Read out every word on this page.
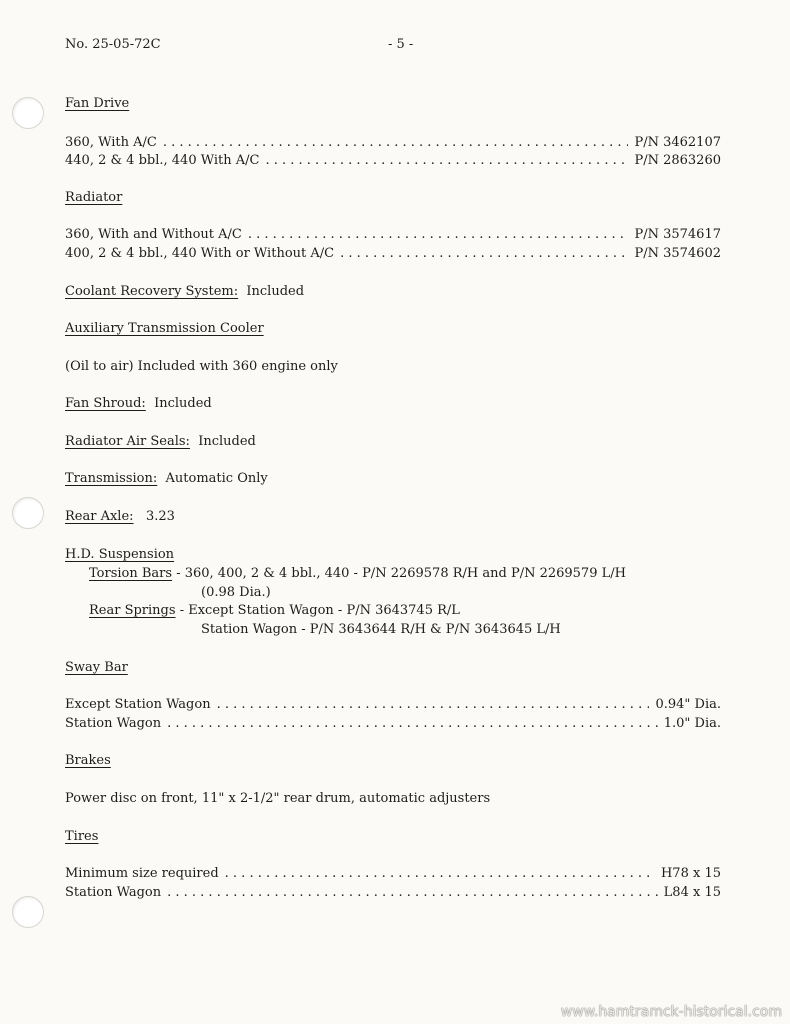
No. 25-05-72C	- 5 -
Fan Drive
360, With A/C . . .	P/N 3462107
440, 2 & 4 bbl., 440 With A/C . . .	P/N 2863260
Radiator
360, With and Without A/C . . .	P/N 3574617
400, 2 & 4 bbl., 440 With or Without A/C . . .	P/N 3574602
Coolant Recovery System: Included
Auxiliary Transmission Cooler
(Oil to air) Included with 360 engine only
Fan Shroud: Included
Radiator Air Seals: Included
Transmission: Automatic Only
Rear Axle: 3.23
H.D. Suspension
Torsion Bars - 360, 400, 2 & 4 bbl., 440 - P/N 2269578 R/H and P/N 2269579 L/H
(0.98 Dia.)
Rear Springs - Except Station Wagon - P/N 3643745 R/L
Station Wagon - P/N 3643644 R/H & P/N 3643645 L/H
Sway Bar
Except Station Wagon . . .	0.94" Dia.
Station Wagon . . .	1.0" Dia.
Brakes
Power disc on front, 11" x 2-1/2" rear drum, automatic adjusters
Tires
Minimum size required . . .	H78 x 15
Station Wagon . . .	L84 x 15
www.hamtramck-historical.com
